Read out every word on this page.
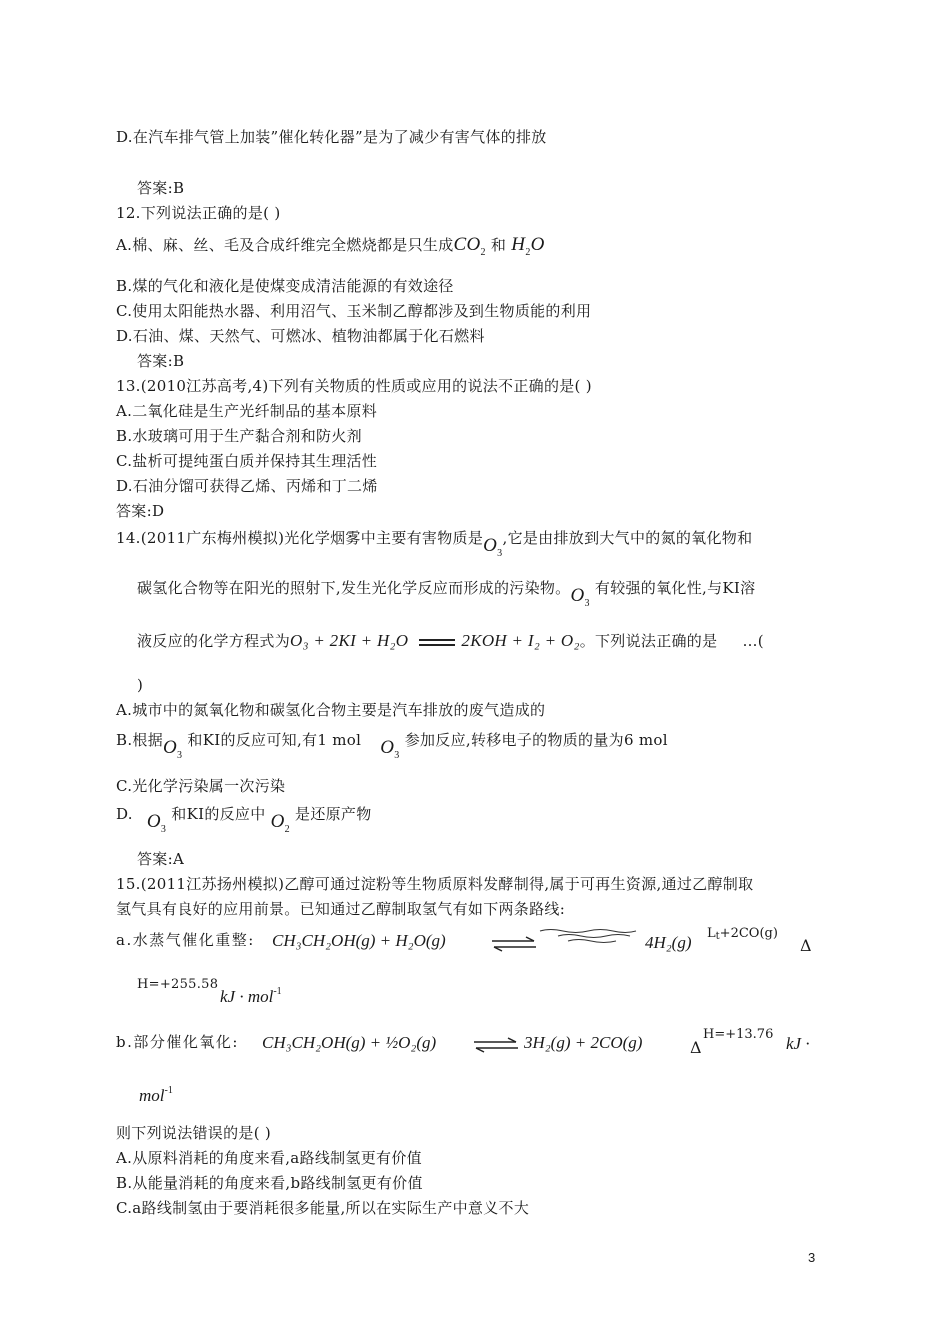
D.在汽车排气管上加装”催化转化器”是为了减少有害气体的排放
答案:B
12.下列说法正确的是( )
A.棉、麻、丝、毛及合成纤维完全燃烧都是只生成$CO_2$ 和 $H_2O$
B.煤的气化和液化是使煤变成清洁能源的有效途径
C.使用太阳能热水器、利用沼气、玉米制乙醇都涉及到生物质能的利用
D.石油、煤、天然气、可燃冰、植物油都属于化石燃料
答案:B
13.(2010江苏高考,4)下列有关物质的性质或应用的说法不正确的是( )
A.二氧化硅是生产光纤制品的基本原料
B.水玻璃可用于生产黏合剂和防火剂
C.盐析可提纯蛋白质并保持其生理活性
D.石油分馏可获得乙烯、丙烯和丁二烯
答案:D
14.(2011广东梅州模拟)光化学烟雾中主要有害物质是$O_3$,它是由排放到大气中的氮的氧化物和
碳氢化合物等在阳光的照射下,发生光化学反应而形成的污染物。$O_3$ 有较强的氧化性,与KI溶
液反应的化学方程式为O₃ + 2KI + H₂O	2KOH + I₂ + O₂。下列说法正确的是 …(
)
A.城市中的氮氧化物和碳氢化合物主要是汽车排放的废气造成的
B.根据$O_3$ 和KI的反应可知,有1 mol $O_3$ 参加反应,转移电子的物质的量为6 mol
C.光化学污染属一次污染
D. $O_3$ 和KI的反应中 $O_2$ 是还原产物
答案:A
15.(2011江苏扬州模拟)乙醇可通过淀粉等生物质原料发酵制得,属于可再生资源,通过乙醇制取
氢气具有良好的应用前景。已知通过乙醇制取氢气有如下两条路线:
a.水蒸气催化重整: CH₃CH₂OH(g) + H₂O(g)	4H₂(g) Lt+2CO(g)
Δ
H=+255.58
kJ · mol$^{-1}$
b.部分催化氧化: CH₃CH₂OH(g) + ½O₂(g) ⇌ 3H₂(g) + 2CO(g)	Δ
H=+13.76 kJ ·
mol$^{-1}$
则下列说法错误的是( )
A.从原料消耗的角度来看,a路线制氢更有价值
B.从能量消耗的角度来看,b路线制氢更有价值
C.a路线制氢由于要消耗很多能量,所以在实际生产中意义不大
3
